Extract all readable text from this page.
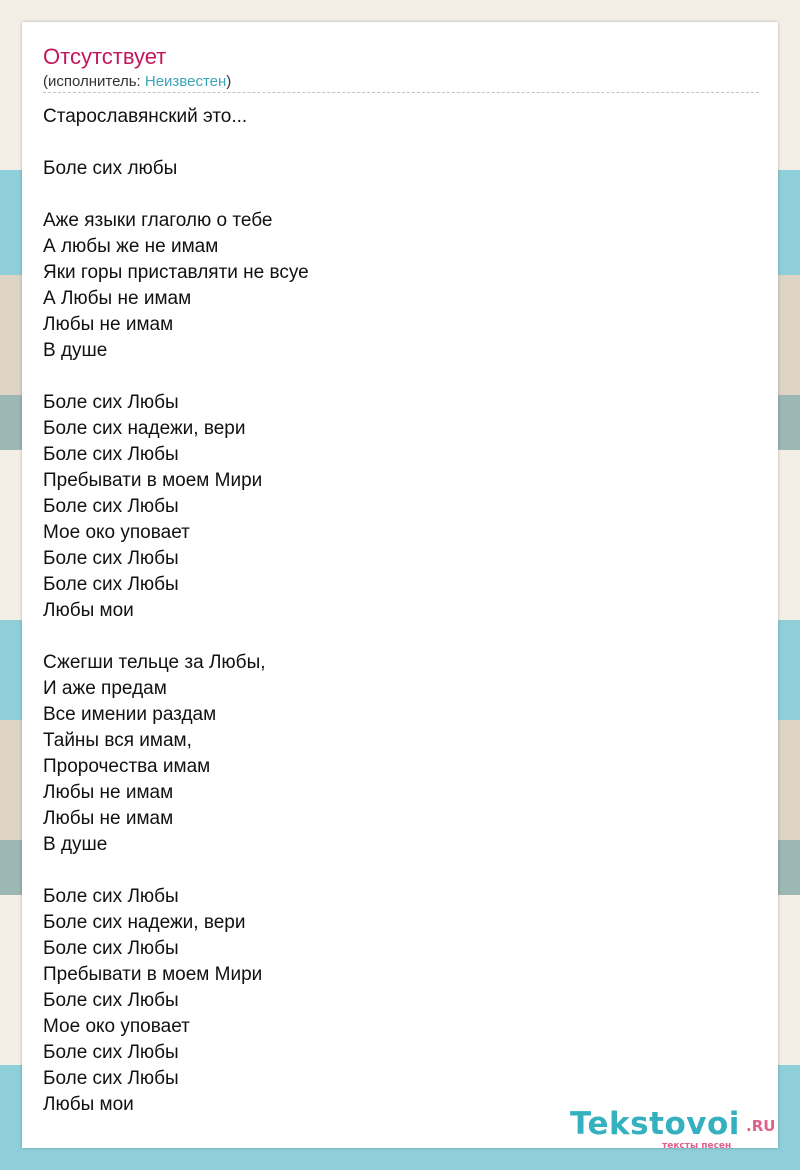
Отсутствует
(исполнитель: Неизвестен)
Старославянский это...
Боле сих любы
Аже языки глаголю о тебе
А любы же не имам
Яки горы приставляти не всуе
А Любы не имам
Любы не имам
В душе
Боле сих Любы
Боле сих надежи, вери
Боле сих Любы
Пребывати в моем Мири
Боле сих Любы
Мое око уповает
Боле сих Любы
Боле сих Любы
Любы мои
Сжегши тельце за Любы,
И аже предам
Все имении раздам
Тайны вся имам,
Пророчества имам
Любы не имам
Любы не имам
В душе
Боле сих Любы
Боле сих надежи, вери
Боле сих Любы
Пребывати в моем Мири
Боле сих Любы
Мое око уповает
Боле сих Любы
Боле сих Любы
Любы мои
Tekstovoi .RU
тексты песен
